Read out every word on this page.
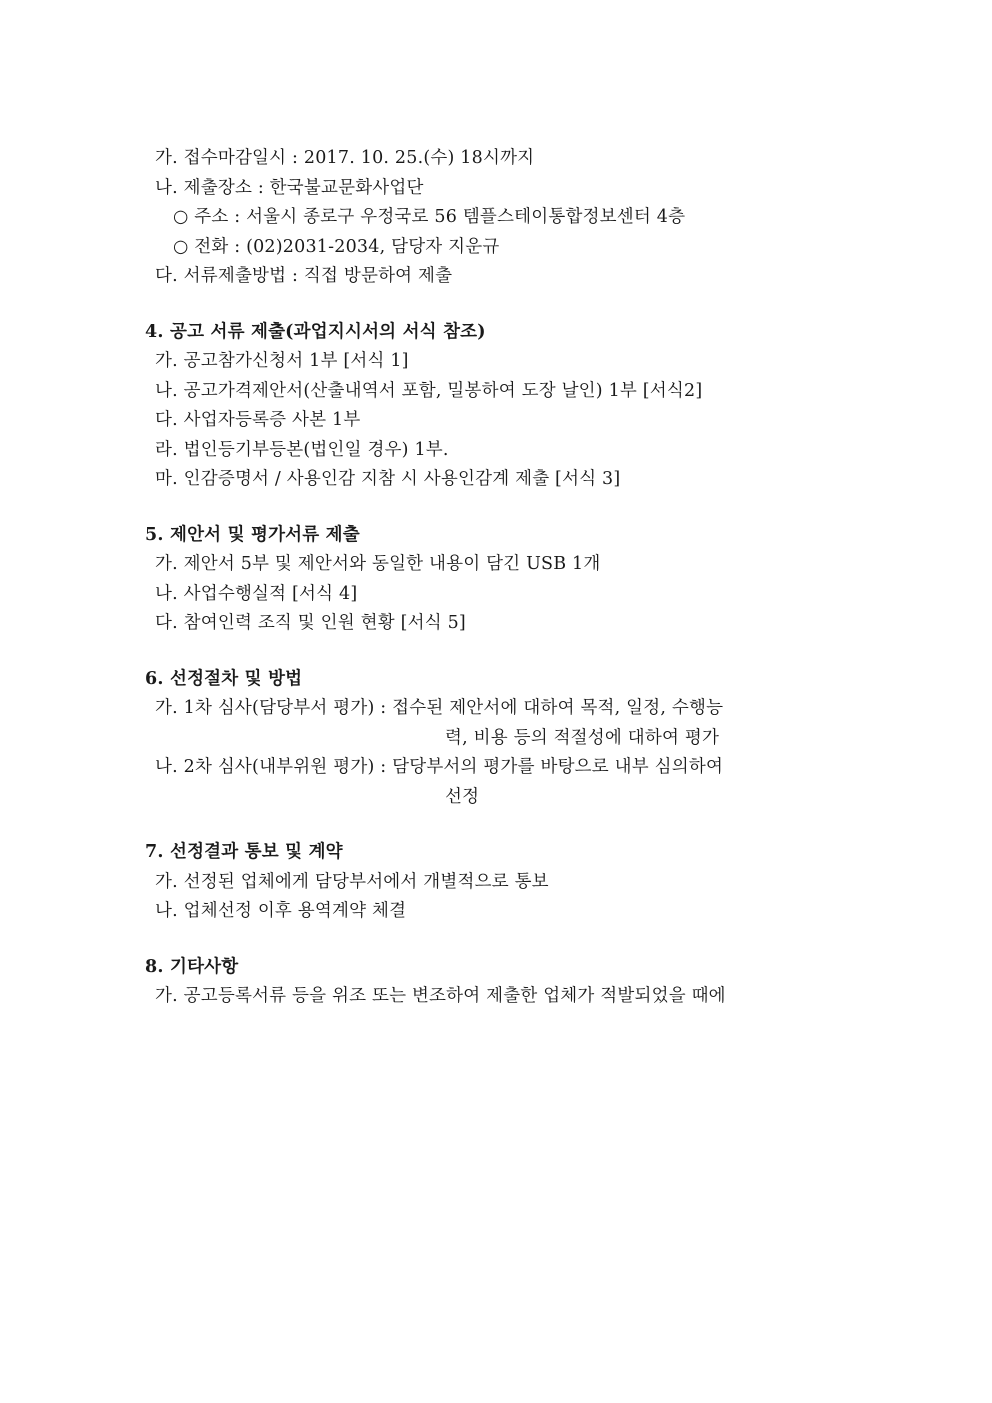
가. 접수마감일시 : 2017. 10. 25.(수) 18시까지

나. 제출장소 : 한국불교문화사업단

○ 주소 : 서울시 종로구 우정국로 56 템플스테이통합정보센터 4층

○ 전화 : (02)2031-2034, 담당자 지운규

다. 서류제출방법 : 직접 방문하여 제출

4. 공고 서류 제출(과업지시서의 서식 참조)

가. 공고참가신청서 1부 [서식 1]

나. 공고가격제안서(산출내역서 포함, 밀봉하여 도장 날인) 1부 [서식2]

다. 사업자등록증 사본 1부

라. 법인등기부등본(법인일 경우) 1부.

마. 인감증명서 / 사용인감 지참 시 사용인감계 제출 [서식 3]

5. 제안서 및 평가서류 제출

가. 제안서 5부 및 제안서와 동일한 내용이 담긴 USB 1개

나. 사업수행실적 [서식 4]

다. 참여인력 조직 및 인원 현황 [서식 5]

6. 선정절차 및 방법

가. 1차 심사(담당부서 평가) : 접수된 제안서에 대하여 목적, 일정, 수행능

력, 비용 등의 적절성에 대하여 평가

나. 2차 심사(내부위원 평가) : 담당부서의 평가를 바탕으로 내부 심의하여

선정

7. 선정결과 통보 및 계약

가. 선정된 업체에게 담당부서에서 개별적으로 통보

나. 업체선정 이후 용역계약 체결

8. 기타사항

가. 공고등록서류 등을 위조 또는 변조하여 제출한 업체가 적발되었을 때에
